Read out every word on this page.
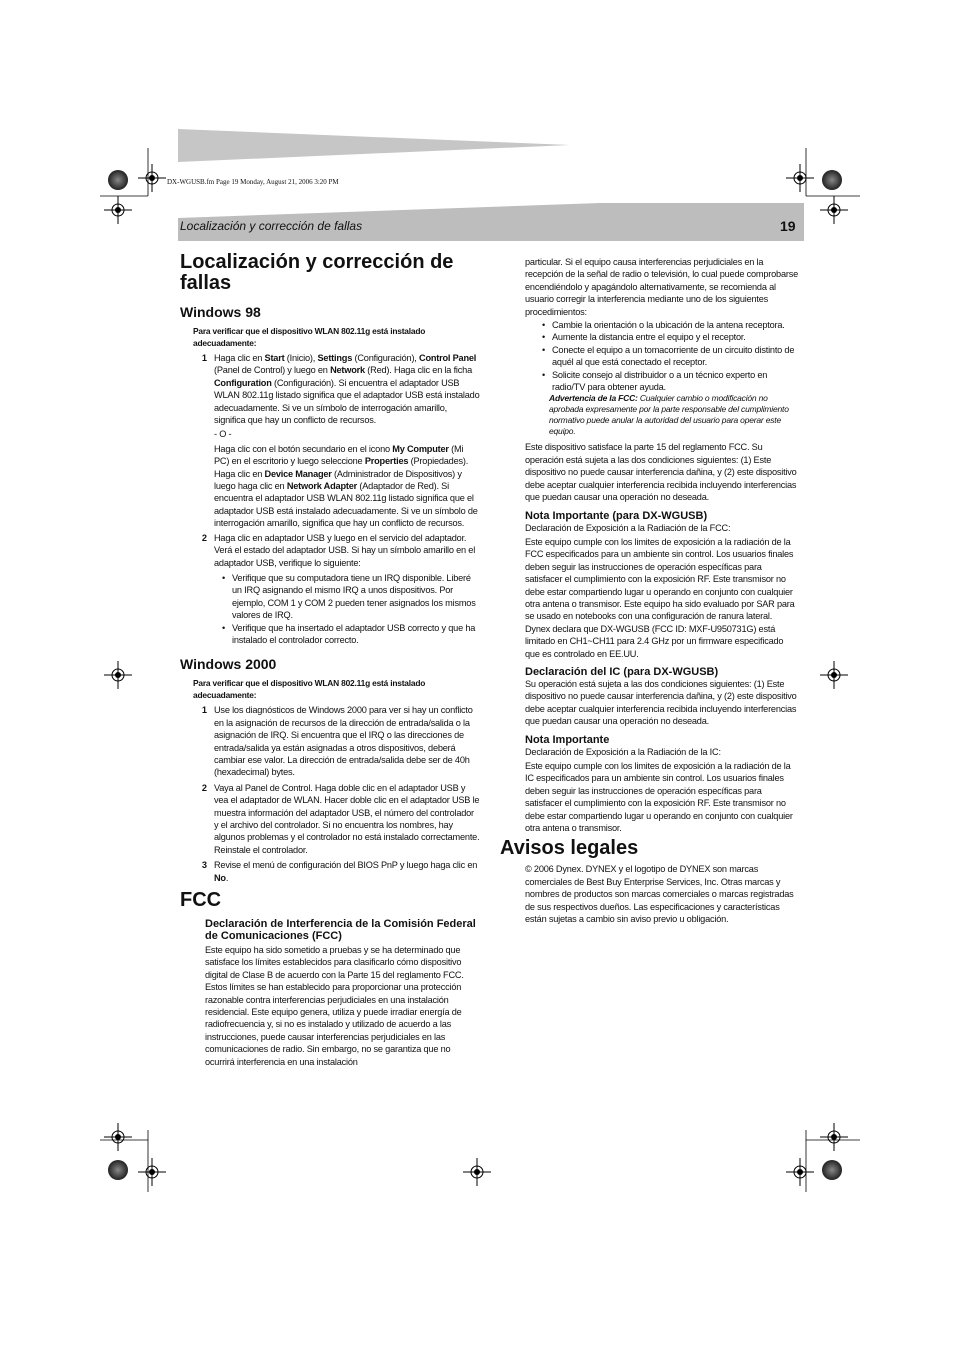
DX-WGUSB.fm Page 19 Monday, August 21, 2006 3:20 PM
Localización y corrección de fallas	19
Localización y corrección de fallas
Windows 98

Para verificar que el dispositivo WLAN 802.11g está instalado adecuadamente:

1 Haga clic en Start (Inicio), Settings (Configuración), Control Panel (Panel de Control) y luego en Network (Red). Haga clic en la ficha Configuration (Configuración). Si encuentra el adaptador USB WLAN 802.11g listado significa que el adaptador USB está instalado adecuadamente. Si ve un símbolo de interrogación amarillo, significa que hay un conflicto de recursos.

- O -

Haga clic con el botón secundario en el icono My Computer (Mi PC) en el escritorio y luego seleccione Properties (Propiedades). Haga clic en Device Manager (Administrador de Dispositivos) y luego haga clic en Network Adapter (Adaptador de Red). Si encuentra el adaptador USB WLAN 802.11g listado significa que el adaptador USB está instalado adecuadamente. Si ve un símbolo de interrogación amarillo, significa que hay un conflicto de recursos.

2 Haga clic en adaptador USB y luego en el servicio del adaptador. Verá el estado del adaptador USB. Si hay un símbolo amarillo en el adaptador USB, verifique lo siguiente:

• Verifique que su computadora tiene un IRQ disponible. Liberé un IRQ asignando el mismo IRQ a unos dispositivos. Por ejemplo, COM 1 y COM 2 pueden tener asignados los mismos valores de IRQ.

• Verifique que ha insertado el adaptador USB correcto y que ha instalado el controlador correcto.

Windows 2000

Para verificar que el dispositivo WLAN 802.11g está instalado adecuadamente:

1 Use los diagnósticos de Windows 2000 para ver si hay un conflicto en la asignación de recursos de la dirección de entrada/salida o la asignación de IRQ. Si encuentra que el IRQ o las direcciones de entrada/salida ya están asignadas a otros dispositivos, deberá cambiar ese valor. La dirección de entrada/salida debe ser de 40h (hexadecimal) bytes.

2 Vaya al Panel de Control. Haga doble clic en el adaptador USB y vea el adaptador de WLAN. Hacer doble clic en el adaptador USB le muestra información del adaptador USB, el número del controlador y el archivo del controlador. Si no encuentra los nombres, hay algunos problemas y el controlador no está instalado correctamente. Reinstale el controlador.

3 Revise el menú de configuración del BIOS PnP y luego haga clic en No.

FCC
Declaración de Interferencia de la Comisión Federal de Comunicaciones (FCC)

Este equipo ha sido sometido a pruebas y se ha determinado que satisface los límites establecidos para clasificarlo cómo dispositivo digital de Clase B de acuerdo con la Parte 15 del reglamento FCC. Estos límites se han establecido para proporcionar una protección razonable contra interferencias perjudiciales en una instalación residencial. Este equipo genera, utiliza y puede irradiar energía de radiofrecuencia y, si no es instalado y utilizado de acuerdo a las instrucciones, puede causar interferencias perjudiciales en las comunicaciones de radio. Sin embargo, no se garantiza que no ocurrirá interferencia en una instalación

particular. Si el equipo causa interferencias perjudiciales en la recepción de la señal de radio o televisión, lo cual puede comprobarse encendiéndolo y apagándolo alternativamente, se recomienda al usuario corregir la interferencia mediante uno de los siguientes procedimientos:

• Cambie la orientación o la ubicación de la antena receptora.

• Aumente la distancia entre el equipo y el receptor.

• Conecte el equipo a un tomacorriente de un circuito distinto de aquél al que está conectado el receptor.

• Solicite consejo al distribuidor o a un técnico experto en radio/TV para obtener ayuda.

Advertencia de la FCC: Cualquier cambio o modificación no aprobada expresamente por la parte responsable del cumplimiento normativo puede anular la autoridad del usuario para operar este equipo.

Este dispositivo satisface la parte 15 del reglamento FCC. Su operación está sujeta a las dos condiciones siguientes: (1) Este dispositivo no puede causar interferencia dañina, y (2) este dispositivo debe aceptar cualquier interferencia recibida incluyendo interferencias que puedan causar una operación no deseada.

Nota Importante (para DX-WGUSB)

Declaración de Exposición a la Radiación de la FCC:

Este equipo cumple con los limites de exposición a la radiación de la FCC especificados para un ambiente sin control. Los usuarios finales deben seguir las instrucciones de operación específicas para satisfacer el cumplimiento con la exposición RF. Este transmisor no debe estar compartiendo lugar u operando en conjunto con cualquier otra antena o transmisor. Este equipo ha sido evaluado por SAR para se usado en notebooks con una configuración de ranura lateral.

Dynex declara que DX-WGUSB (FCC ID: MXF-U950731G) está limitado en CH1~CH11 para 2.4 GHz por un firmware especificado que es controlado en EE.UU.

Declaración del IC (para DX-WGUSB)

Su operación está sujeta a las dos condiciones siguientes: (1) Este dispositivo no puede causar interferencia dañina, y (2) este dispositivo debe aceptar cualquier interferencia recibida incluyendo interferencias que puedan causar una operación no deseada.

Nota Importante

Declaración de Exposición a la Radiación de la IC:

Este equipo cumple con los limites de exposición a la radiación de la IC especificados para un ambiente sin control. Los usuarios finales deben seguir las instrucciones de operación específicas para satisfacer el cumplimiento con la exposición RF. Este transmisor no debe estar compartiendo lugar u operando en conjunto con cualquier otra antena o transmisor.

Avisos legales

© 2006 Dynex. DYNEX y el logotipo de DYNEX son marcas comerciales de Best Buy Enterprise Services, Inc. Otras marcas y nombres de productos son marcas comerciales o marcas registradas de sus respectivos dueños. Las especificaciones y características están sujetas a cambio sin aviso previo u obligación.
